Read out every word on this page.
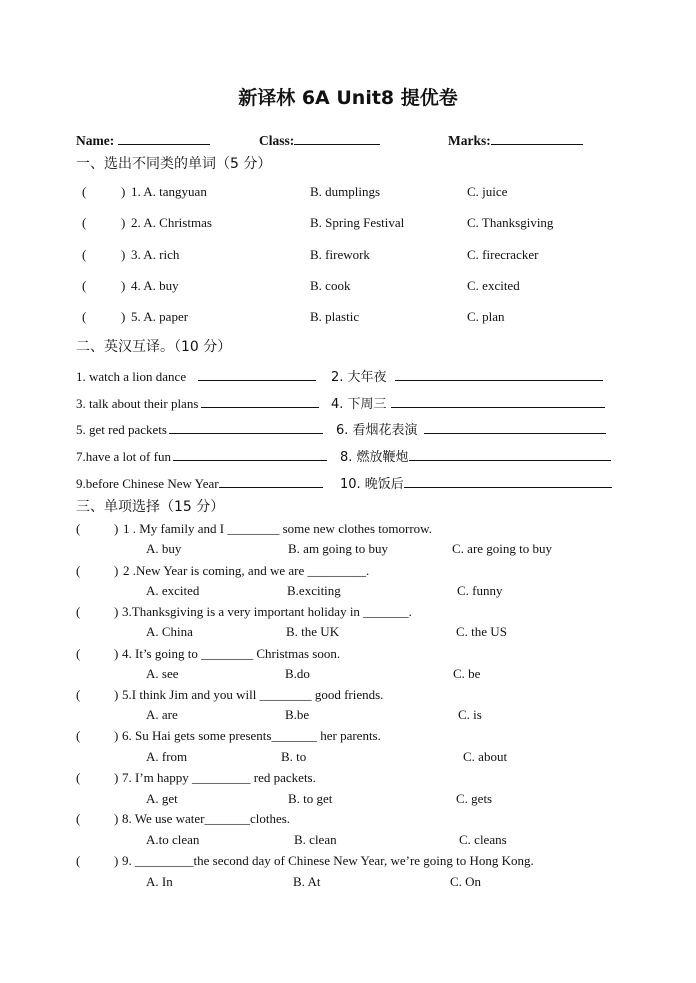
新译林 6A Unit8 提优卷
Name:	Class:	Marks:
一、选出不同类的单词（5 分）
(	) 1. A. tangyuan	B. dumplings	C. juice
(	) 2. A. Christmas	B. Spring Festival	C. Thanksgiving
(	) 3. A. rich	B. firework	C. firecracker
(	) 4. A. buy	B. cook	C. excited
(	) 5. A. paper	B. plastic	C. plan
二、英汉互译。（10 分）
1. watch a lion dance	2. 大年夜
3. talk about their plans	4. 下周三
5. get red packets	6. 看烟花表演
7.have a lot of fun	8. 燃放鞭炮
9.before Chinese New Year	10. 晚饭后
三、单项选择（15 分）
(	) 1 . My family and I ________ some new clothes tomorrow.
A. buy	B. am going to buy	C. are going to buy
(	) 2 .New Year is coming, and we are _________.
A. excited	B.exciting	C. funny
(	) 3.Thanksgiving is a very important holiday in _______.
A. China	B. the UK	C. the US
(	) 4. It’s going to ________ Christmas soon.
A. see	B.do	C. be
(	) 5.I think Jim and you will ________ good friends.
A. are	B.be	C. is
(	) 6. Su Hai gets some presents_______ her parents.
A. from	B. to	C. about
(	) 7. I’m happy _________ red packets.
A. get	B. to get	C. gets
(	) 8. We use water_______clothes.
A.to clean	B. clean	C. cleans
(	) 9. _________the second day of Chinese New Year, we’re going to Hong Kong.
A. In	B. At	C. On
